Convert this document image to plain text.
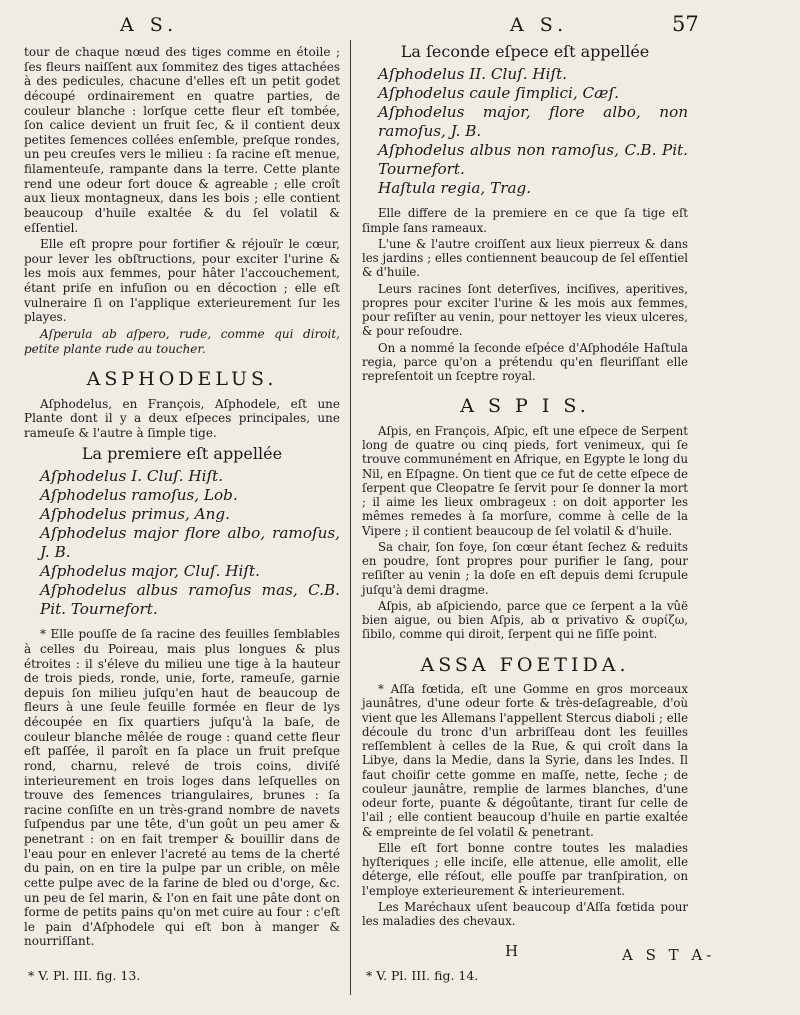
A S.	A S.	57

tour de chaque nœud des tiges comme en étoile ; ſes fleurs naiſſent aux ſommitez des tiges attachées à des pedicules, chacune d'elles eſt un petit godet découpé ordinairement en quatre parties, de couleur blanche : lorſque cette fleur eſt tombée, ſon calice devient un fruit ſec, & il contient deux petites ſemences collées enſemble, preſque rondes, un peu creuſes vers le milieu : ſa racine eſt menue, filamenteuſe, rampante dans la terre. Cette plante rend une odeur fort douce & agreable ; elle croît aux lieux montagneux, dans les bois ; elle contient beaucoup d'huile exaltée & du ſel volatil & eſſentiel.

Elle eſt propre pour fortifier & réjouïr le cœur, pour lever les obſtructions, pour exciter l'urine & les mois aux femmes, pour hâter l'accouchement, étant priſe en infuſion ou en décoction ; elle eſt vulneraire ſi on l'applique exterieurement ſur les playes.

Aſperula ab aſpero, rude, comme qui diroit, petite plante rude au toucher.

ASPHODELUS.

Aſphodelus, en François, Aſphodele, eſt une Plante dont il y a deux eſpeces principales, une rameuſe & l'autre à ſimple tige.

La premiere eſt appellée
Aſphodelus I. Cluſ. Hiſt.
Aſphodelus ramoſus, Lob.
Aſphodelus primus, Ang.
Aſphodelus major flore albo, ramoſus, J. B.
Aſphodelus major, Cluſ. Hiſt.
Aſphodelus albus ramoſus mas, C.B. Pit. Tournefort.

* Elle pouſſe de ſa racine des feuilles ſemblables à celles du Poireau, mais plus longues & plus étroites : il s'éleve du milieu une tige à la hauteur de trois pieds, ronde, unie, forte, rameuſe, garnie depuis ſon milieu juſqu'en haut de beaucoup de fleurs à une ſeule feuille formée en fleur de lys découpée en ſix quartiers juſqu'à la baſe, de couleur blanche mêlée de rouge : quand cette fleur eſt paſſée, il paroît en ſa place un fruit preſque rond, charnu, relevé de trois coins, diviſé interieurement en trois loges dans leſquelles on trouve des ſemences triangulaires, brunes : ſa racine conſiſte en un très-grand nombre de navets ſuſpendus par une tête, d'un goût un peu amer & penetrant : on en fait tremper & bouillir dans de l'eau pour en enlever l'acreté au tems de la cherté du pain, on en tire la pulpe par un crible, on mêle cette pulpe avec de la farine de bled ou d'orge, &c. un peu de ſel marin, & l'on en fait une pâte dont on forme de petits pains qu'on met cuire au four : c'eſt le pain d'Aſphodele qui eſt bon à manger & nourriſſant.

* V. Pl. III. fig. 13.
La ſeconde eſpece eſt appellée
Aſphodelus II. Cluſ. Hiſt.
Aſphodelus caule ſimplici, Cæſ.
Aſphodelus major, flore albo, non ramoſus, J. B.
Aſphodelus albus non ramoſus, C.B. Pit. Tournefort.
Haſtula regia, Trag.

Elle differe de la premiere en ce que ſa tige eſt ſimple ſans rameaux.

L'une & l'autre croiſſent aux lieux pierreux & dans les jardins ; elles contiennent beaucoup de ſel eſſentiel & d'huile.

Leurs racines ſont deterſives, inciſives, aperitives, propres pour exciter l'urine & les mois aux femmes, pour reſiſter au venin, pour nettoyer les vieux ulceres, & pour reſoudre.

On a nommé la ſeconde eſpéce d'Aſphodéle Haſtula regia, parce qu'on a prétendu qu'en fleuriſſant elle repreſentoit un ſceptre royal.

A S P I S.

Aſpis, en François, Aſpic, eſt une eſpece de Serpent long de quatre ou cinq pieds, fort venimeux, qui ſe trouve communément en Afrique, en Egypte le long du Nil, en Eſpagne. On tient que ce fut de cette eſpece de ſerpent que Cleopatre ſe ſervit pour ſe donner la mort ; il aime les lieux ombrageux : on doit apporter les mêmes remedes à ſa morſure, comme à celle de la Vipere ; il contient beaucoup de ſel volatil & d'huile.

Sa chair, ſon foye, ſon cœur étant ſechez & reduits en poudre, ſont propres pour purifier le ſang, pour reſiſter au venin ; la doſe en eſt depuis demi ſcrupule juſqu'à demi dragme.

Aſpis, ab aſpiciendo, parce que ce ſerpent a la vûë bien aigue, ou bien Aſpis, ab α privativo & συρίζω, ſibilo, comme qui diroit, ſerpent qui ne ſiſſe point.

ASSA FOETIDA.

* Aſſa fœtida, eſt une Gomme en gros morceaux jaunâtres, d'une odeur forte & très-deſagreable, d'où vient que les Allemans l'appellent Stercus diaboli ; elle découle du tronc d'un arbriſſeau dont les feuilles reſſemblent à celles de la Rue, & qui croît dans la Libye, dans la Medie, dans la Syrie, dans les Indes. Il faut choiſir cette gomme en maſſe, nette, ſeche ; de couleur jaunâtre, remplie de larmes blanches, d'une odeur forte, puante & dégoûtante, tirant ſur celle de l'ail ; elle contient beaucoup d'huile en partie exaltée & empreinte de ſel volatil & penetrant.

Elle eſt fort bonne contre toutes les maladies hyſteriques ; elle inciſe, elle attenue, elle amolit, elle déterge, elle réſout, elle pouſſe par tranſpiration, on l'employe exterieurement & interieurement.

Les Maréchaux uſent beaucoup d'Aſſa fœtida pour les maladies des chevaux.

H	A S T A-
* V. Pl. III. fig. 14.
